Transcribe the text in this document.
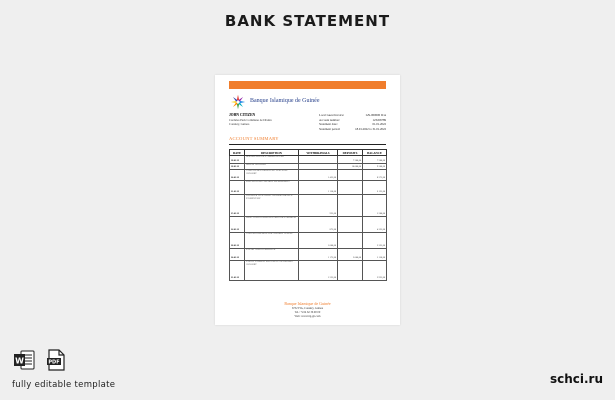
BANK STATEMENT
Banque Islamique de Guinée
JOHN CITIZEN
Cardales Park Commune de Dixinn
Conakry, Guinea
Local Guest Invoice:	GN-000000 ICA
Account number:	123456789
Statement date:	01.01.2022
Statement period:	18.01.2022 to 31.01.2022
ACCOUNT SUMMARY
DATE	DESCRIPTION	WITHDRAWALS	DEPOSITS	BALANCE
18.01.22	OPENING BALANCE / BROUGHT FWD		7 200,00	7 200,00
18.01.22	ONLINE TRANSFER		10 000,00	9 200,00
20.01.22	CARD PAYMENT MERCHANT PURCHASE CONAKRY	1 425,00		8 275,00
21.01.22	POS PURCHASE CONAKRY SUPERMARKET	1 150,00		6 125,00
25.01.22	TRANSFER TO ACCOUNT CONAKRY BRANCH PAYMENT REF	925,00		5 200,00
26.01.22	DIRECT DEBIT INSURANCE MONTHLY PREMIUM	875,00		4 325,00
28.01.22	CASH WITHDRAWAL ATM CONAKRY CENTRE	1 000,00		3 325,00
30.01.22	SALARY CREDIT EMPLOYER	1 175,00	3 000,00	5 150,00
31.01.22	UTILITY PAYMENT ELECTRICITY WATER BILL CONAKRY	1 225,00		3 925,00
Banque Islamique de Guinée
6752 FIA, Conakry, Guinea
Tel.: +224 62 36 00 00
Web: www.big-gn.com
W	PDF
fully editable template	schci.ru
